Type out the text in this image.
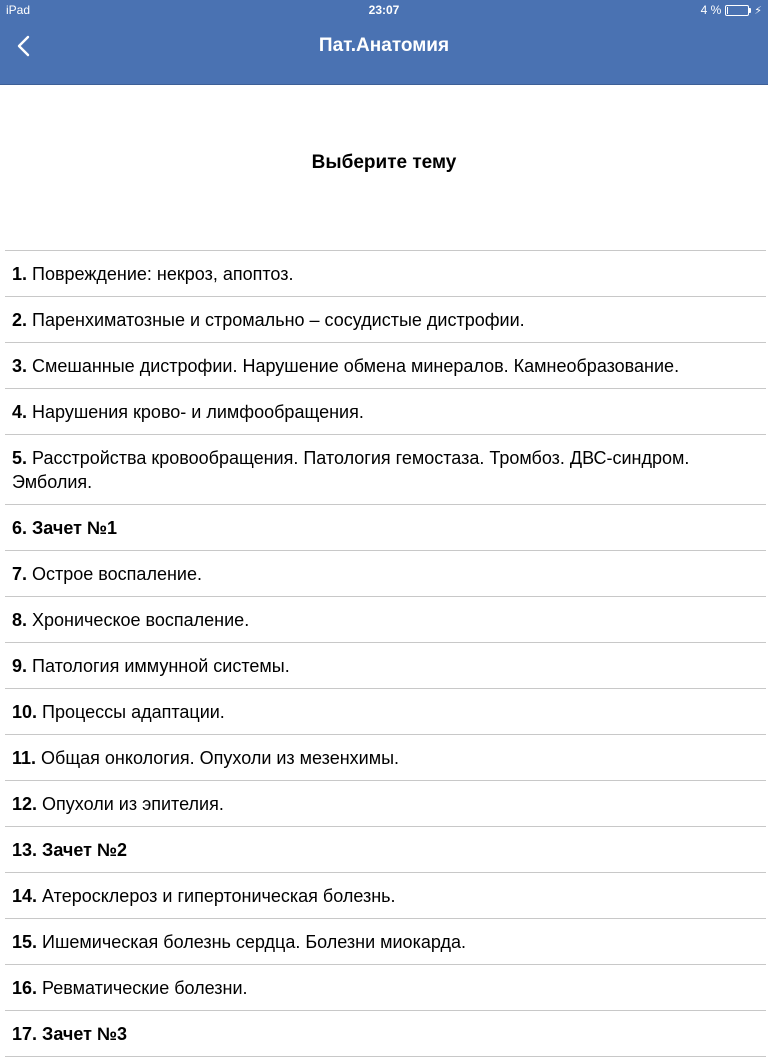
iPad	23:07	4 %	⚡
Пат.Анатомия
Выберите тему
1. Повреждение: некроз, апоптоз.
2. Паренхиматозные и стромально – сосудистые дистрофии.
3. Смешанные дистрофии. Нарушение обмена минералов. Камнеобразование.
4. Нарушения крово- и лимфообращения.
5. Расстройства кровообращения. Патология гемостаза. Тромбоз. ДВС-синдром. Эмболия.
6. Зачет №1
7. Острое воспаление.
8. Хроническое воспаление.
9. Патология иммунной системы.
10. Процессы адаптации.
11. Общая онкология. Опухоли из мезенхимы.
12. Опухоли из эпителия.
13. Зачет №2
14. Атеросклероз и гипертоническая болезнь.
15. Ишемическая болезнь сердца. Болезни миокарда.
16. Ревматические болезни.
17. Зачет №3
